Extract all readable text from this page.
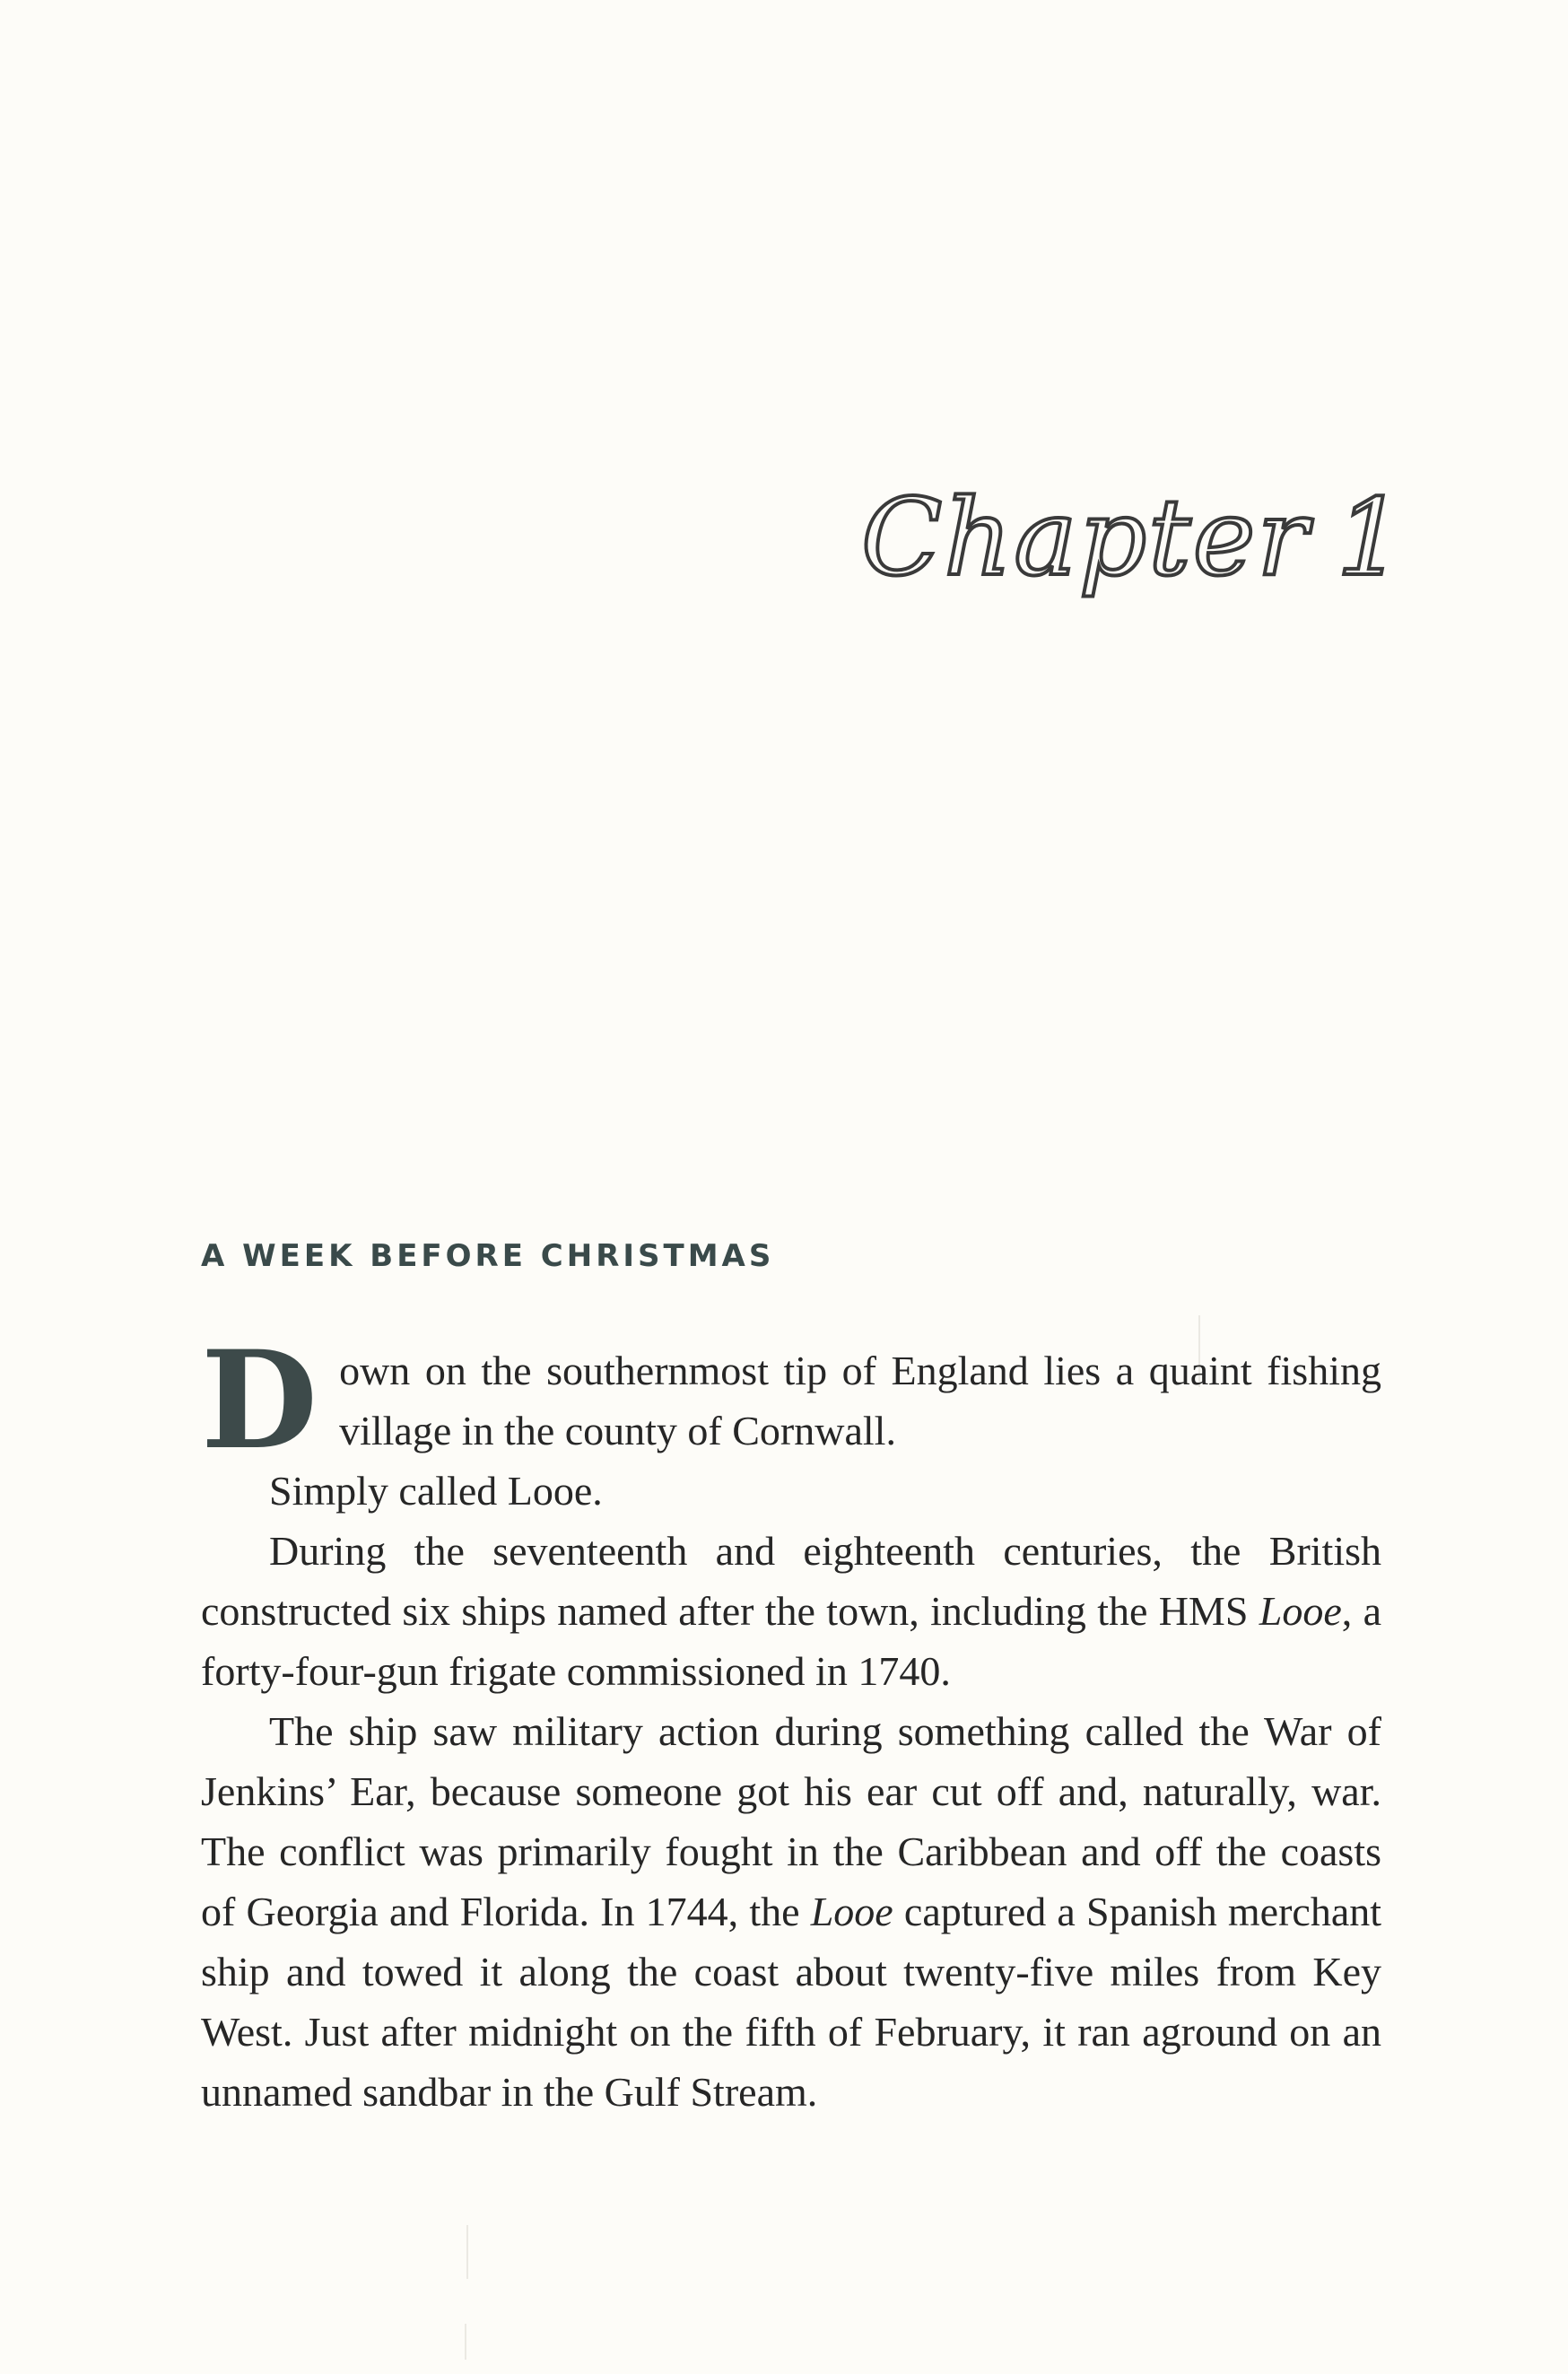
Chapter 1
A WEEK BEFORE CHRISTMAS

Down on the southernmost tip of England lies a quaint fishing village in the county of Cornwall.

Simply called Looe.

During the seventeenth and eighteenth centuries, the British constructed six ships named after the town, including the HMS Looe, a forty-four-gun frigate commissioned in 1740.

The ship saw military action during something called the War of Jenkins’ Ear, because someone got his ear cut off and, naturally, war. The conflict was primarily fought in the Caribbean and off the coasts of Georgia and Florida. In 1744, the Looe captured a Spanish merchant ship and towed it along the coast about twenty-five miles from Key West. Just after midnight on the fifth of February, it ran aground on an unnamed sandbar in the Gulf Stream.
